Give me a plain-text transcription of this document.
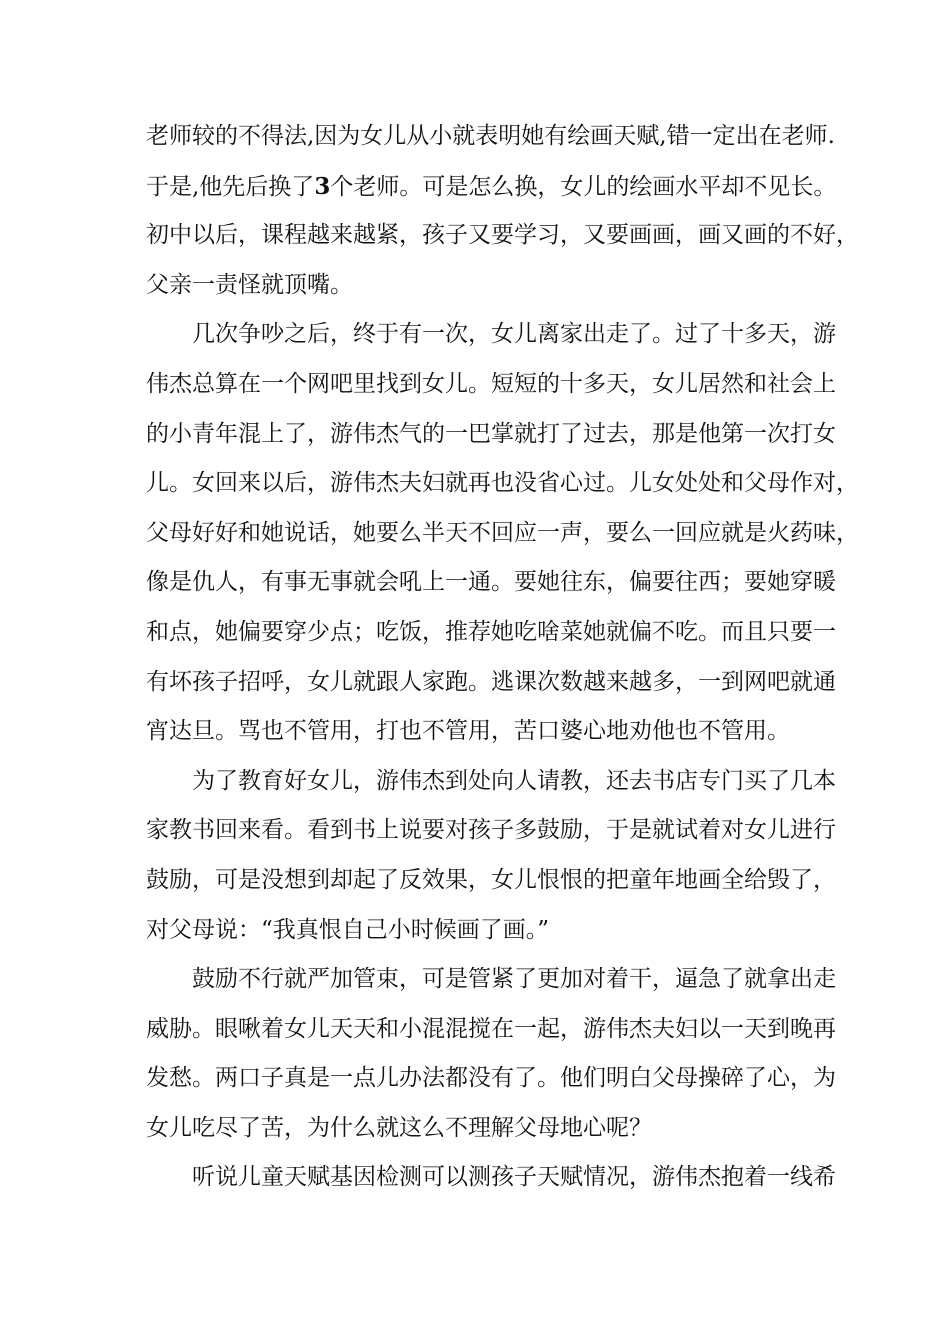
老师较的不得法,因为女儿从小就表明她有绘画天赋,错一定出在老师.
于是,他先后换了3个老师。可是怎么换，女儿的绘画水平却不见长。
初中以后，课程越来越紧，孩子又要学习，又要画画，画又画的不好，
父亲一责怪就顶嘴。
几次争吵之后，终于有一次，女儿离家出走了。过了十多天，游
伟杰总算在一个网吧里找到女儿。短短的十多天，女儿居然和社会上
的小青年混上了，游伟杰气的一巴掌就打了过去，那是他第一次打女
儿。女回来以后，游伟杰夫妇就再也没省心过。儿女处处和父母作对，
父母好好和她说话，她要么半天不回应一声，要么一回应就是火药味，
像是仇人，有事无事就会吼上一通。要她往东，偏要往西；要她穿暖
和点，她偏要穿少点；吃饭，推荐她吃啥菜她就偏不吃。而且只要一
有坏孩子招呼，女儿就跟人家跑。逃课次数越来越多，一到网吧就通
宵达旦。骂也不管用，打也不管用，苦口婆心地劝他也不管用。
为了教育好女儿，游伟杰到处向人请教，还去书店专门买了几本
家教书回来看。看到书上说要对孩子多鼓励，于是就试着对女儿进行
鼓励，可是没想到却起了反效果，女儿恨恨的把童年地画全给毁了，
对父母说：“我真恨自己小时候画了画。”
鼓励不行就严加管束，可是管紧了更加对着干，逼急了就拿出走
威胁。眼啾着女儿天天和小混混搅在一起，游伟杰夫妇以一天到晚再
发愁。两口子真是一点儿办法都没有了。他们明白父母操碎了心，为
女儿吃尽了苦，为什么就这么不理解父母地心呢？
听说儿童天赋基因检测可以测孩子天赋情况，游伟杰抱着一线希
